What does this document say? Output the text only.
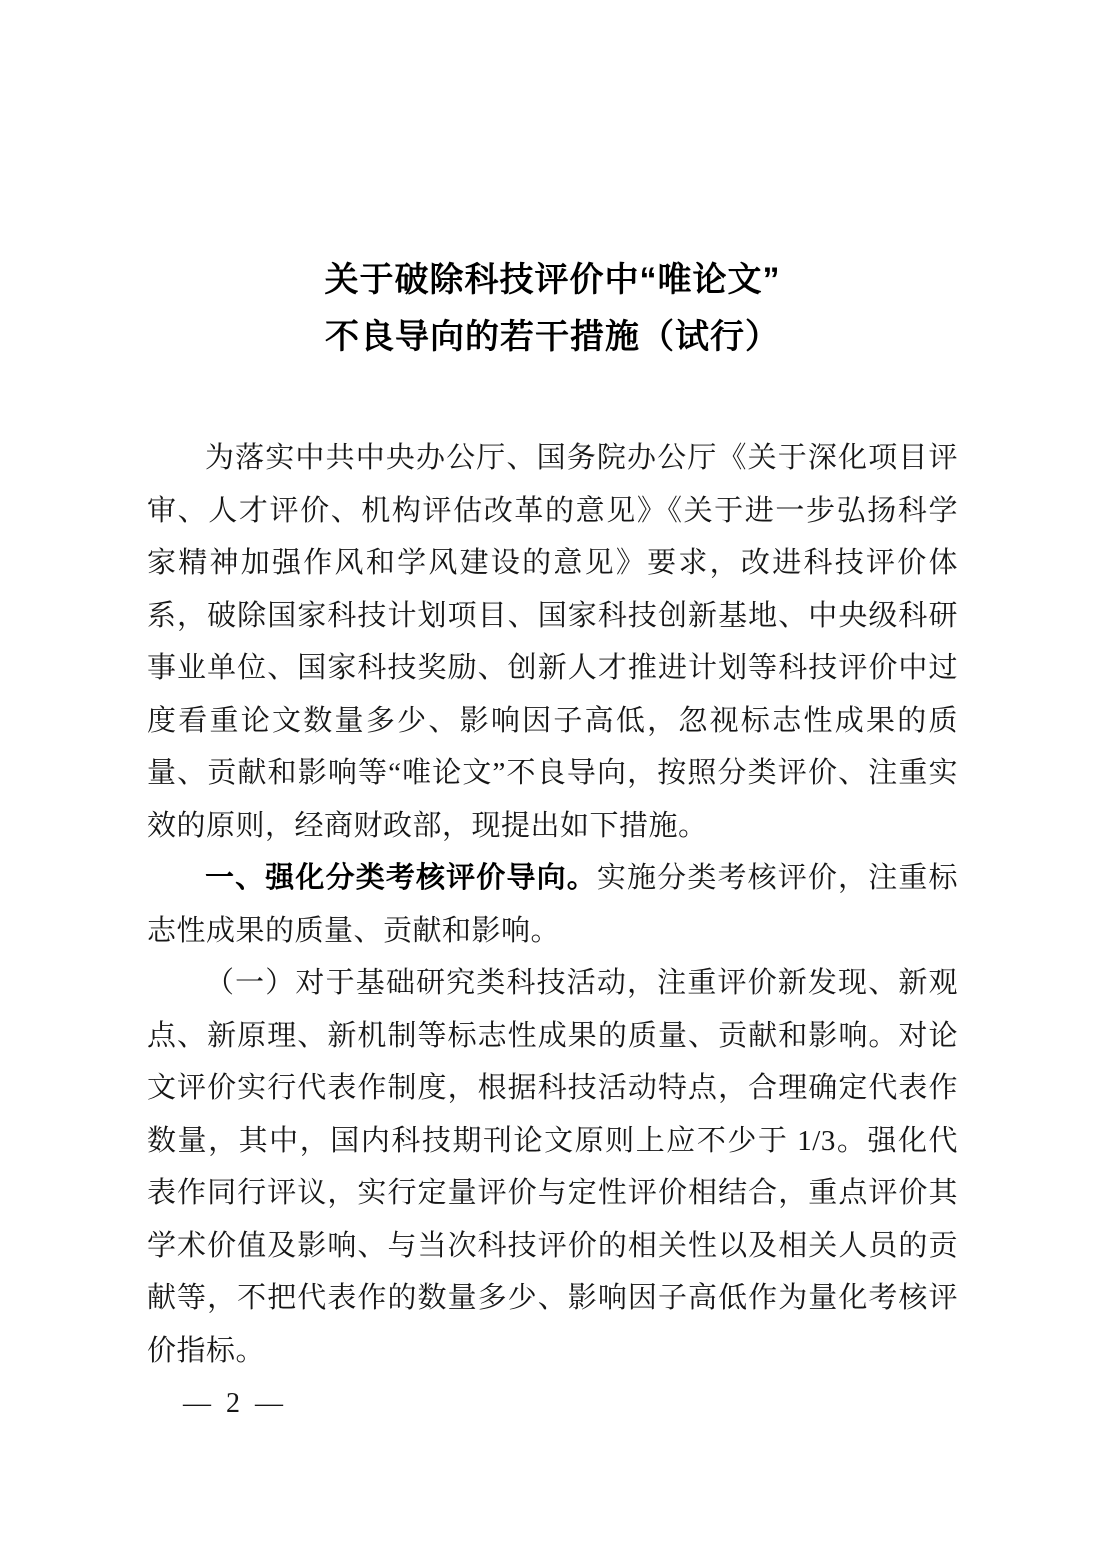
关于破除科技评价中“唯论文”
不良导向的若干措施（试行）

为落实中共中央办公厅、国务院办公厅《关于深化项目评审、人才评价、机构评估改革的意见》《关于进一步弘扬科学家精神加强作风和学风建设的意见》要求，改进科技评价体系，破除国家科技计划项目、国家科技创新基地、中央级科研事业单位、国家科技奖励、创新人才推进计划等科技评价中过度看重论文数量多少、影响因子高低，忽视标志性成果的质量、贡献和影响等“唯论文”不良导向，按照分类评价、注重实效的原则，经商财政部，现提出如下措施。

一、强化分类考核评价导向。实施分类考核评价，注重标志性成果的质量、贡献和影响。

（一）对于基础研究类科技活动，注重评价新发现、新观点、新原理、新机制等标志性成果的质量、贡献和影响。对论文评价实行代表作制度，根据科技活动特点，合理确定代表作数量，其中，国内科技期刊论文原则上应不少于 1/3。强化代表作同行评议，实行定量评价与定性评价相结合，重点评价其学术价值及影响、与当次科技评价的相关性以及相关人员的贡献等，不把代表作的数量多少、影响因子高低作为量化考核评价指标。

— 2 —
